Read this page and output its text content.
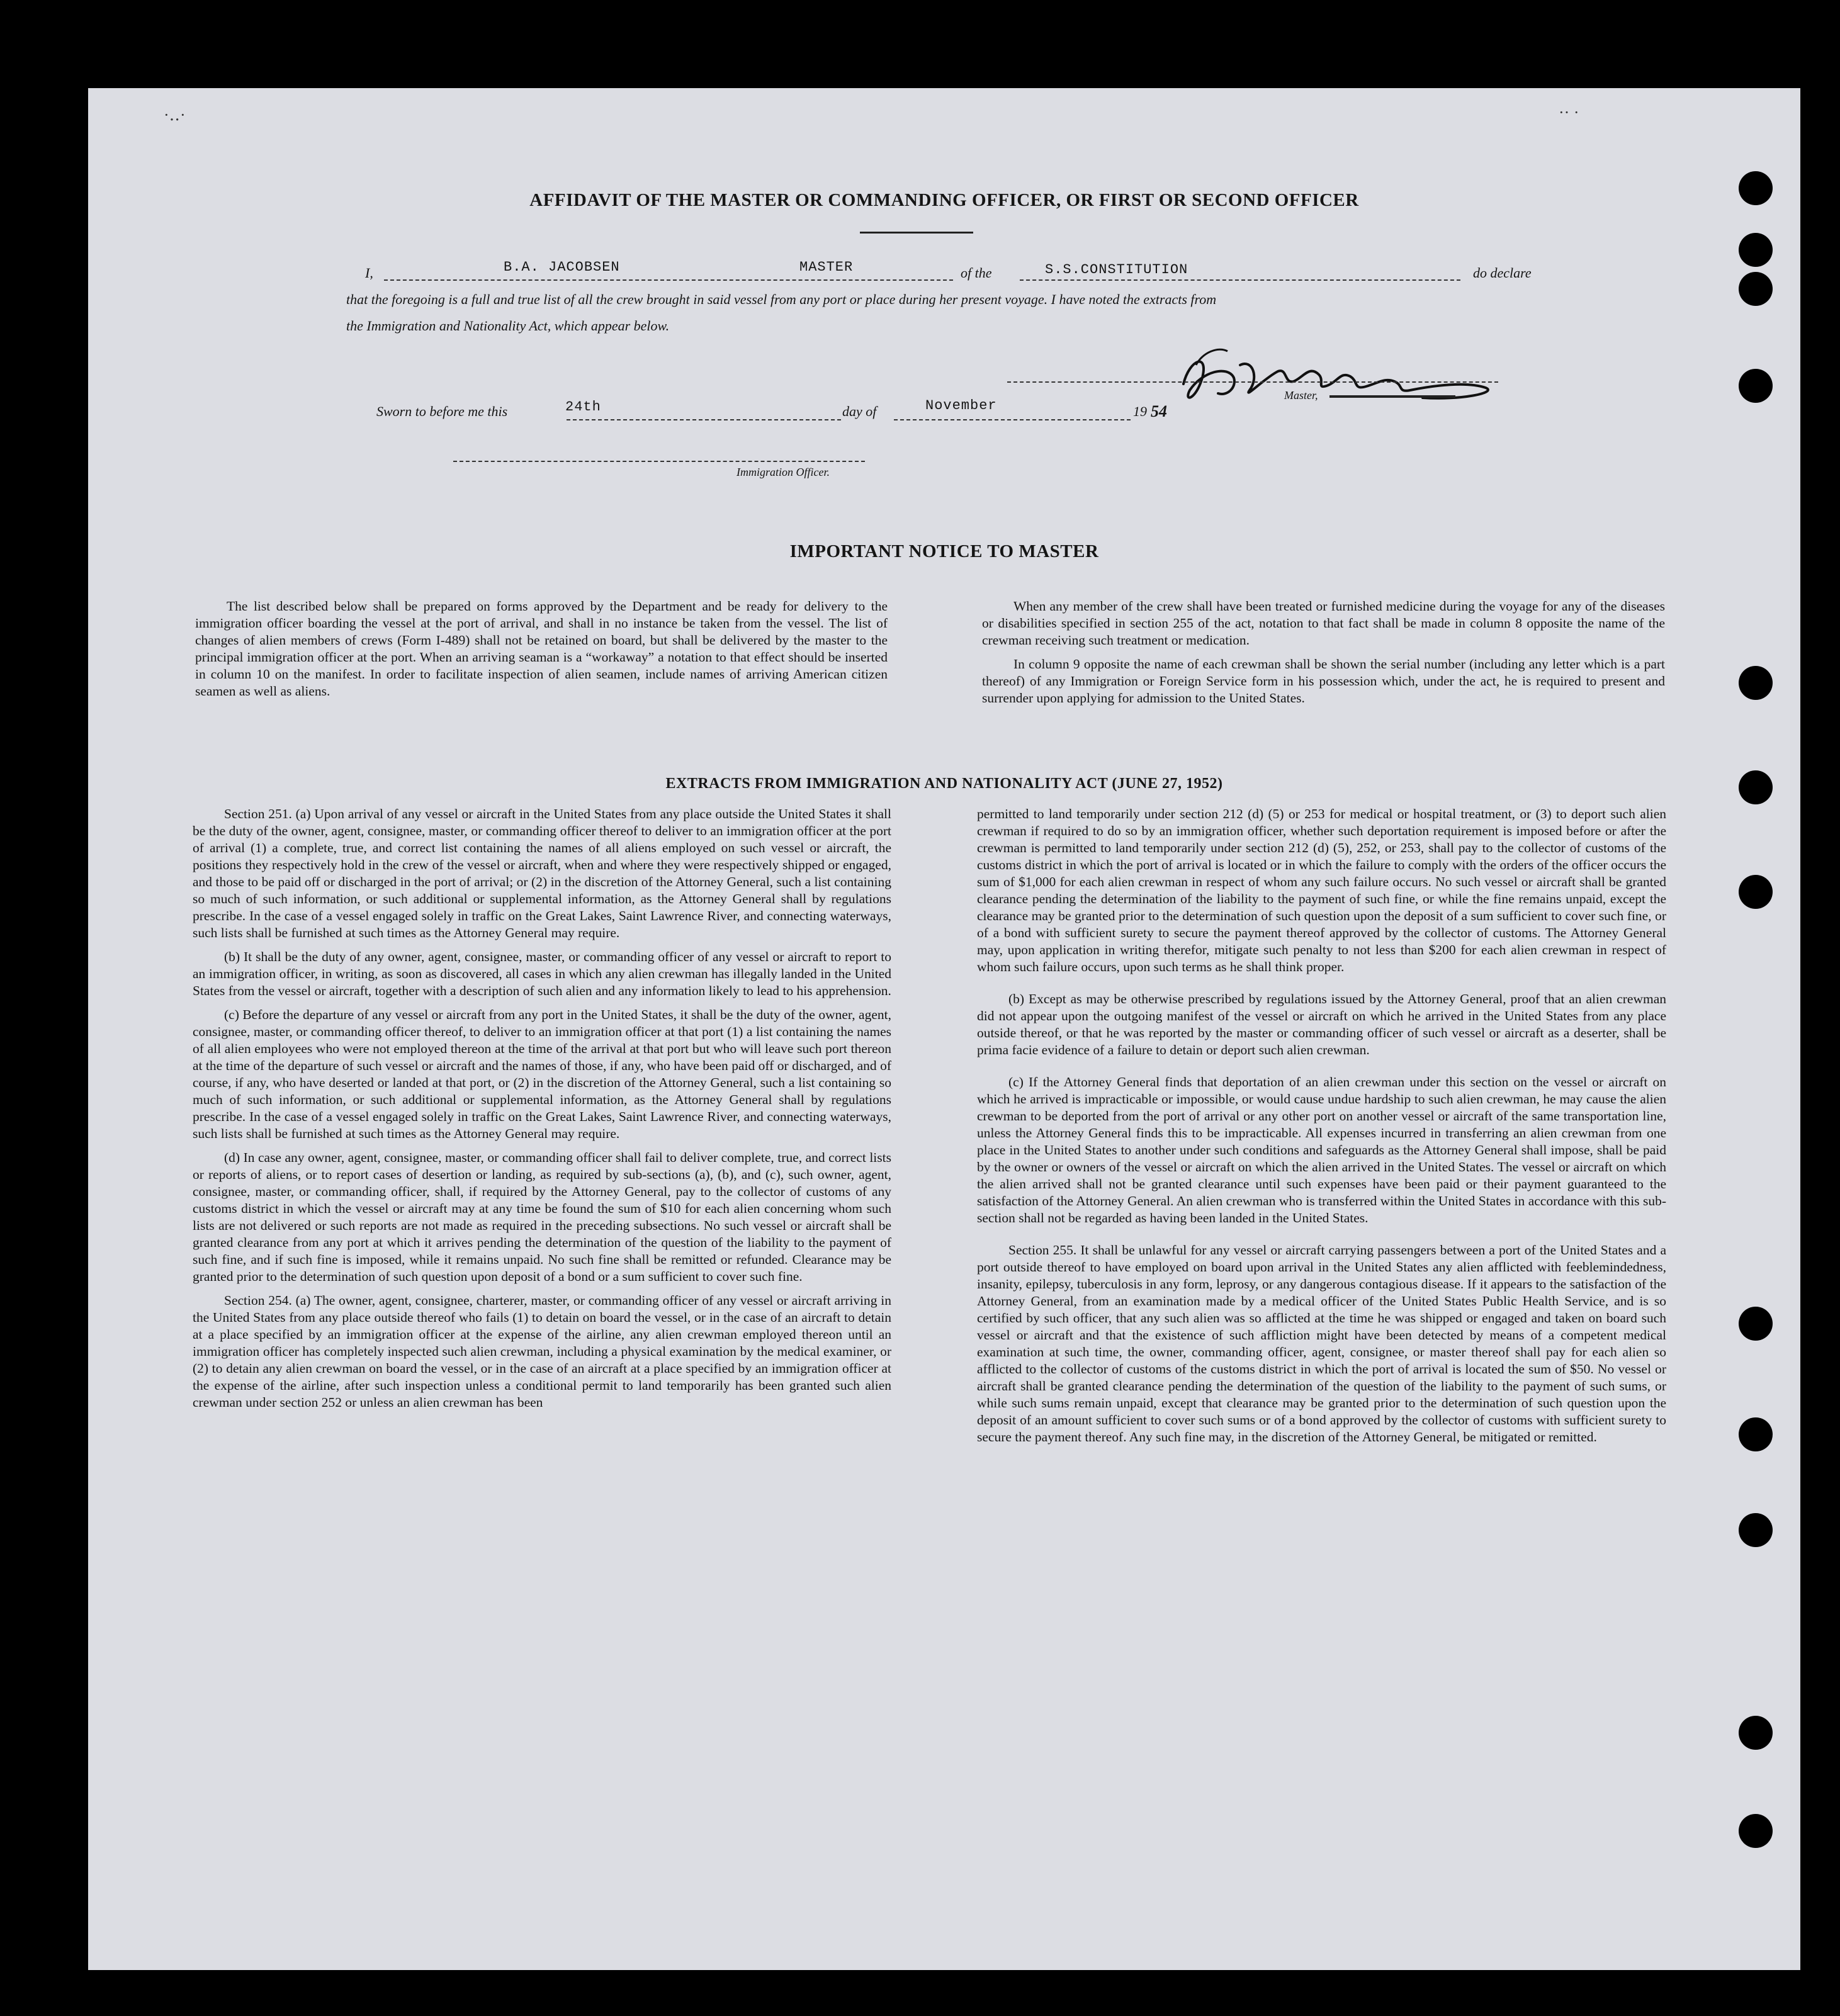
·‥·	·· ·
AFFIDAVIT OF THE MASTER OR COMMANDING OFFICER, OR FIRST OR SECOND OFFICER
I,	B.A. JACOBSEN	MASTER	of the	S.S.CONSTITUTION	do declare
that the foregoing is a full and true list of all the crew brought in said vessel from any port or place during her present voyage. I have noted the extracts from
the Immigration and Nationality Act, which appear below.
Master,
Sworn to before me this	24th	day of	November	19 54
Immigration Officer.
IMPORTANT NOTICE TO MASTER

The list described below shall be prepared on forms approved by the Department and be ready for delivery to the immigration officer boarding the vessel at the port of arrival, and shall in no instance be taken from the vessel. The list of changes of alien members of crews (Form I-489) shall not be retained on board, but shall be delivered by the master to the principal immigration officer at the port. When an arriving seaman is a “workaway” a notation to that effect should be inserted in column 10 on the manifest. In order to facilitate inspection of alien seamen, include names of arriving American citizen seamen as well as aliens.

When any member of the crew shall have been treated or furnished medicine during the voyage for any of the diseases or disabilities specified in section 255 of the act, notation to that fact shall be made in column 8 opposite the name of the crewman receiving such treatment or medication.

In column 9 opposite the name of each crewman shall be shown the serial number (including any letter which is a part thereof) of any Immigration or Foreign Service form in his possession which, under the act, he is required to present and surrender upon applying for admission to the United States.

EXTRACTS FROM IMMIGRATION AND NATIONALITY ACT (JUNE 27, 1952)

Section 251. (a) Upon arrival of any vessel or aircraft in the United States from any place outside the United States it shall be the duty of the owner, agent, consignee, master, or commanding officer thereof to deliver to an immigration officer at the port of arrival (1) a complete, true, and correct list containing the names of all aliens employed on such vessel or aircraft, the positions they respectively hold in the crew of the vessel or aircraft, when and where they were respectively shipped or engaged, and those to be paid off or discharged in the port of arrival; or (2) in the discretion of the Attorney General, such a list containing so much of such information, or such additional or supplemental information, as the Attorney General shall by regulations prescribe. In the case of a vessel engaged solely in traffic on the Great Lakes, Saint Lawrence River, and connecting waterways, such lists shall be furnished at such times as the Attorney General may require.

(b) It shall be the duty of any owner, agent, consignee, master, or commanding officer of any vessel or aircraft to report to an immigration officer, in writing, as soon as discovered, all cases in which any alien crewman has illegally landed in the United States from the vessel or aircraft, together with a description of such alien and any information likely to lead to his apprehension.

(c) Before the departure of any vessel or aircraft from any port in the United States, it shall be the duty of the owner, agent, consignee, master, or commanding officer thereof, to deliver to an immigration officer at that port (1) a list containing the names of all alien employees who were not employed thereon at the time of the arrival at that port but who will leave such port thereon at the time of the departure of such vessel or aircraft and the names of those, if any, who have been paid off or discharged, and of course, if any, who have deserted or landed at that port, or (2) in the discretion of the Attorney General, such a list containing so much of such information, or such additional or supplemental information, as the Attorney General shall by regulations prescribe. In the case of a vessel engaged solely in traffic on the Great Lakes, Saint Lawrence River, and connecting waterways, such lists shall be furnished at such times as the Attorney General may require.

(d) In case any owner, agent, consignee, master, or commanding officer shall fail to deliver complete, true, and correct lists or reports of aliens, or to report cases of desertion or landing, as required by sub-sections (a), (b), and (c), such owner, agent, consignee, master, or commanding officer, shall, if required by the Attorney General, pay to the collector of customs of any customs district in which the vessel or aircraft may at any time be found the sum of $10 for each alien concerning whom such lists are not delivered or such reports are not made as required in the preceding subsections. No such vessel or aircraft shall be granted clearance from any port at which it arrives pending the determination of the question of the liability to the payment of such fine, and if such fine is imposed, while it remains unpaid. No such fine shall be remitted or refunded. Clearance may be granted prior to the determination of such question upon deposit of a bond or a sum sufficient to cover such fine.

Section 254. (a) The owner, agent, consignee, charterer, master, or commanding officer of any vessel or aircraft arriving in the United States from any place outside thereof who fails (1) to detain on board the vessel, or in the case of an aircraft to detain at a place specified by an immigration officer at the expense of the airline, any alien crewman employed thereon until an immigration officer has completely inspected such alien crewman, including a physical examination by the medical examiner, or (2) to detain any alien crewman on board the vessel, or in the case of an aircraft at a place specified by an immigration officer at the expense of the airline, after such inspection unless a conditional permit to land temporarily has been granted such alien crewman under section 252 or unless an alien crewman has been

permitted to land temporarily under section 212 (d) (5) or 253 for medical or hospital treatment, or (3) to deport such alien crewman if required to do so by an immigration officer, whether such deportation requirement is imposed before or after the crewman is permitted to land temporarily under section 212 (d) (5), 252, or 253, shall pay to the collector of customs of the customs district in which the port of arrival is located or in which the failure to comply with the orders of the officer occurs the sum of $1,000 for each alien crewman in respect of whom any such failure occurs. No such vessel or aircraft shall be granted clearance pending the determination of the liability to the payment of such fine, or while the fine remains unpaid, except the clearance may be granted prior to the determination of such question upon the deposit of a sum sufficient to cover such fine, or of a bond with sufficient surety to secure the payment thereof approved by the collector of customs. The Attorney General may, upon application in writing therefor, mitigate such penalty to not less than $200 for each alien crewman in respect of whom such failure occurs, upon such terms as he shall think proper.

(b) Except as may be otherwise prescribed by regulations issued by the Attorney General, proof that an alien crewman did not appear upon the outgoing manifest of the vessel or aircraft on which he arrived in the United States from any place outside thereof, or that he was reported by the master or commanding officer of such vessel or aircraft as a deserter, shall be prima facie evidence of a failure to detain or deport such alien crewman.

(c) If the Attorney General finds that deportation of an alien crewman under this section on the vessel or aircraft on which he arrived is impracticable or impossible, or would cause undue hardship to such alien crewman, he may cause the alien crewman to be deported from the port of arrival or any other port on another vessel or aircraft of the same transportation line, unless the Attorney General finds this to be impracticable. All expenses incurred in transferring an alien crewman from one place in the United States to another under such conditions and safeguards as the Attorney General shall impose, shall be paid by the owner or owners of the vessel or aircraft on which the alien arrived in the United States. The vessel or aircraft on which the alien arrived shall not be granted clearance until such expenses have been paid or their payment guaranteed to the satisfaction of the Attorney General. An alien crewman who is transferred within the United States in accordance with this sub-section shall not be regarded as having been landed in the United States.

Section 255. It shall be unlawful for any vessel or aircraft carrying passengers between a port of the United States and a port outside thereof to have employed on board upon arrival in the United States any alien afflicted with feeblemindedness, insanity, epilepsy, tuberculosis in any form, leprosy, or any dangerous contagious disease. If it appears to the satisfaction of the Attorney General, from an examination made by a medical officer of the United States Public Health Service, and is so certified by such officer, that any such alien was so afflicted at the time he was shipped or engaged and taken on board such vessel or aircraft and that the existence of such affliction might have been detected by means of a competent medical examination at such time, the owner, commanding officer, agent, consignee, or master thereof shall pay for each alien so afflicted to the collector of customs of the customs district in which the port of arrival is located the sum of $50. No vessel or aircraft shall be granted clearance pending the determination of the question of the liability to the payment of such sums, or while such sums remain unpaid, except that clearance may be granted prior to the determination of such question upon the deposit of an amount sufficient to cover such sums or of a bond approved by the collector of customs with sufficient surety to secure the payment thereof. Any such fine may, in the discretion of the Attorney General, be mitigated or remitted.
